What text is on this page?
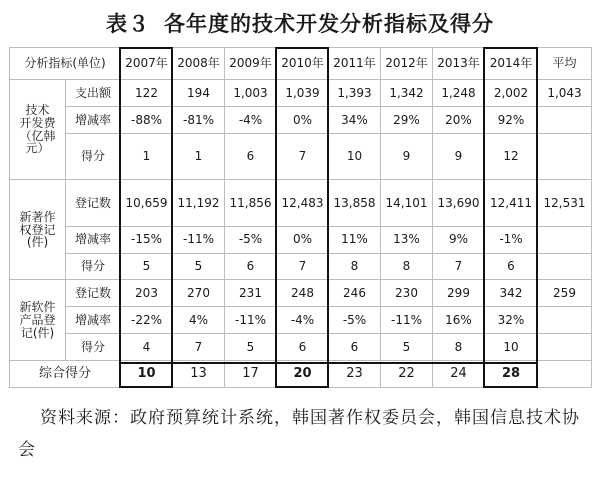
表３ 各年度的技术开发分析指标及得分
分析指标(单位)		2007年	2008年	2009年	2010年	2011年	2012年	2013年	2014年	平均

技术
开发费
（亿韩
元）	支出额	122	194	1,003	1,039	1,393	1,342	1,248	2,002	1,043
	增减率	-88%	-81%	-4%	0%	34%	29%	20%	92%	
	得分	1	1	6	7	10	9	9	12	

新著作
权登记
(件)	登记数	10,659	11,192	11,856	12,483	13,858	14,101	13,690	12,411	12,531
	增减率	-15%	-11%	-5%	0%	11%	13%	9%	-1%	
	得分	5	5	6	7	8	8	7	6	

新软件
产品登
记(件)	登记数	203	270	231	248	246	230	299	342	259
	增减率	-22%	4%	-11%	-4%	-5%	-11%	16%	32%	
	得分	4	7	5	6	6	5	8	10	
综合得分		10	13	17	20	23	22	24	28	
资料来源：政府预算统计系统，韩国著作权委员会，韩国信息技术协会
